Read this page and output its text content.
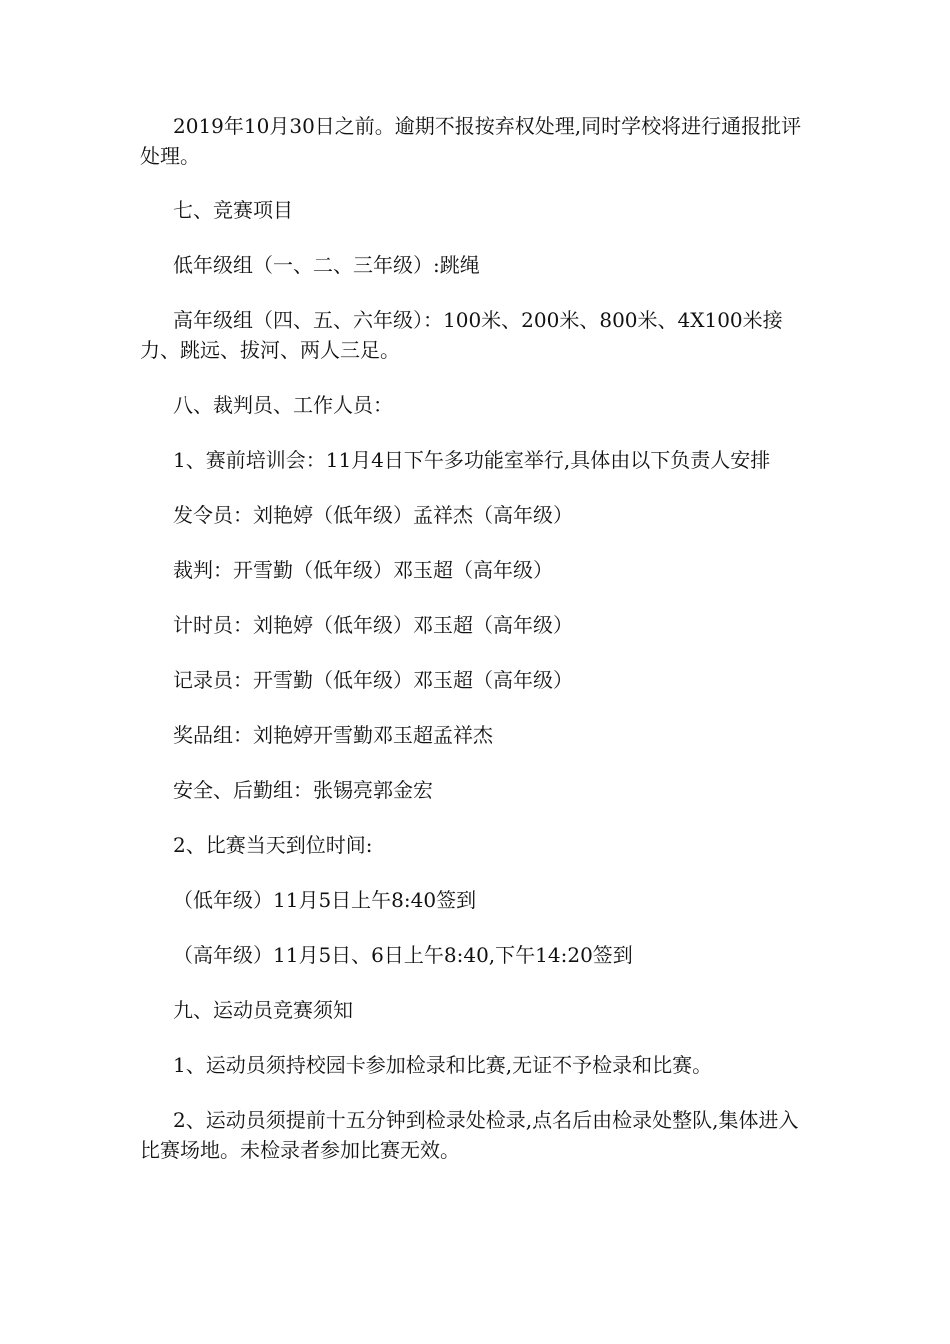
2019年10月30日之前。逾期不报按弃权处理,同时学校将进行通报批评处理。

七、竞赛项目

低年级组（一、二、三年级）:跳绳

高年级组（四、五、六年级）：100米、200米、800米、4X100米接力、跳远、拔河、两人三足。

八、裁判员、工作人员：

1、赛前培训会：11月4日下午多功能室举行,具体由以下负责人安排

发令员：刘艳婷（低年级）孟祥杰（高年级）

裁判：开雪勤（低年级）邓玉超（高年级）

计时员：刘艳婷（低年级）邓玉超（高年级）

记录员：开雪勤（低年级）邓玉超（高年级）

奖品组：刘艳婷开雪勤邓玉超孟祥杰

安全、后勤组：张锡亮郭金宏

2、比赛当天到位时间:

（低年级）11月5日上午8:40签到

（高年级）11月5日、6日上午8:40,下午14:20签到

九、运动员竞赛须知

1、运动员须持校园卡参加检录和比赛,无证不予检录和比赛。

2、运动员须提前十五分钟到检录处检录,点名后由检录处整队,集体进入比赛场地。未检录者参加比赛无效。
